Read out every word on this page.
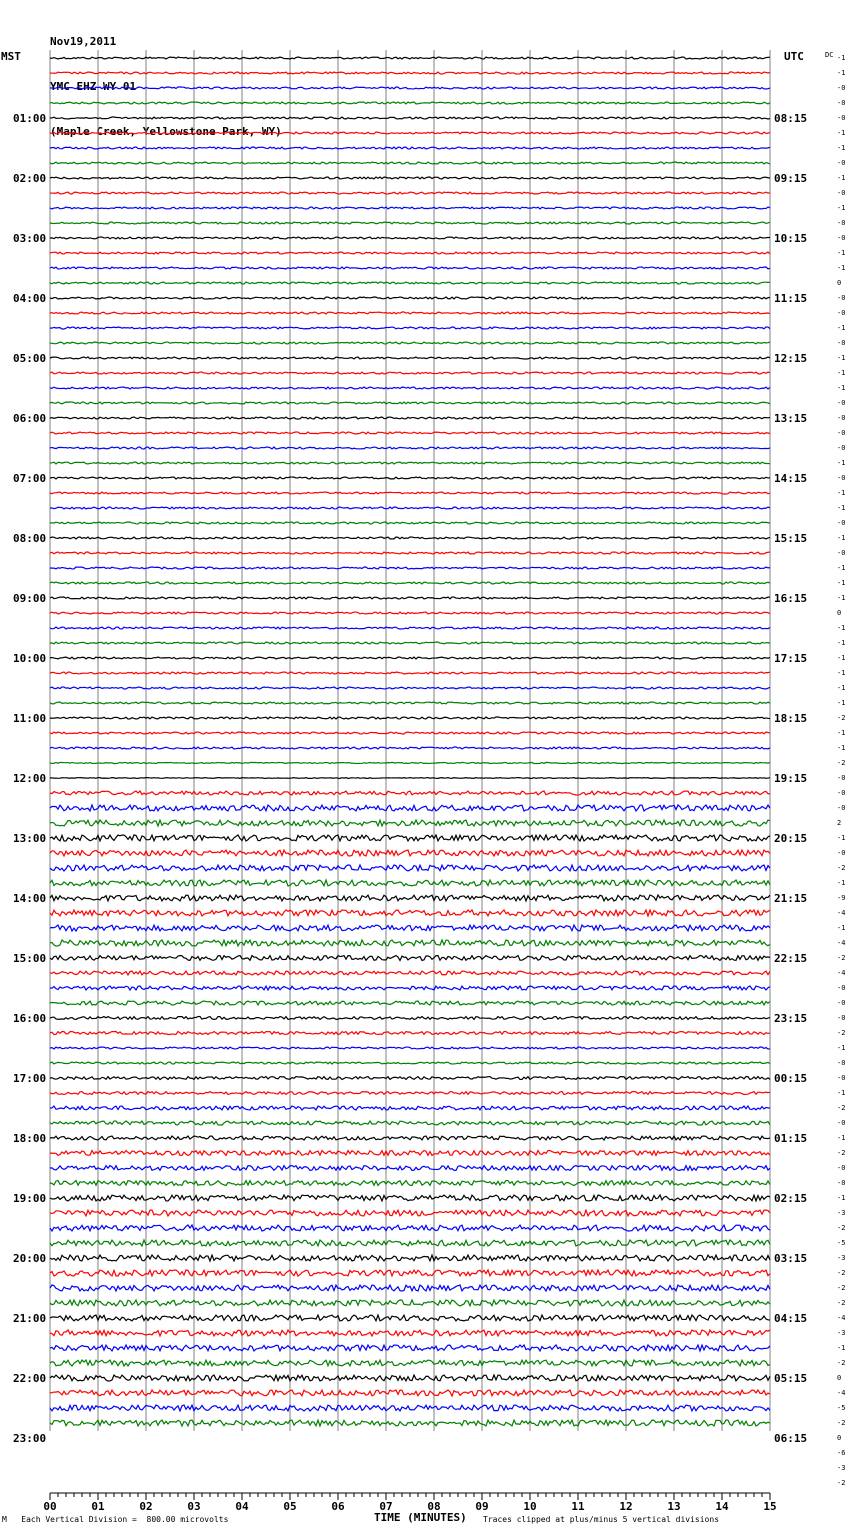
Nov19,2011

YMC EHZ WY 01

(Maple Creek, Yellowstone Park, WY)

01:00
02:00
03:00
04:00
05:00
06:00
07:00
08:00
09:00
10:00
11:00
12:00
13:00
14:00
15:00
16:00
17:00
18:00
19:00
20:00
21:00
22:00
23:00
08:15
09:15
10:15
11:15
12:15
13:15
14:15
15:15
16:15
17:15
18:15
19:15
20:15
21:15
22:15
23:15
00:15
01:15
02:15
03:15
04:15
05:15
06:15
-1
-1
-0
-0
-0
-1
-1
-0
-1
-0
-1
-0
-0
-1
-1
0
-0
-0
-1
-0
-1
-1
-1
-0
-0
-0
-0
-1
-0
-1
-1
-0
-1
-0
-1
-1
-1
0
-1
-1
-1
-1
-1
-1
-2
-1
-1
-2
-0
-0
-0
2
-1
-0
-2
-1
-9
-4
-1
-4
-2
-4
-0
-0
-0
-2
-1
-0
-0
-1
-2
-0
-1
-2
-0
-0
-1
-3
-2
-5
-3
-2
-2
-2
-4
-3
-1
-2
0
-4
-5
-2
0
-6
-3
-2
00	01	02	03	04	05	06	07	08	09	10	11	12	13	14	15
MST	UTC	DC
M Each Vertical Division =  800.00 microvolts	TIME (MINUTES) Traces clipped at plus/minus 5 vertical divisions
